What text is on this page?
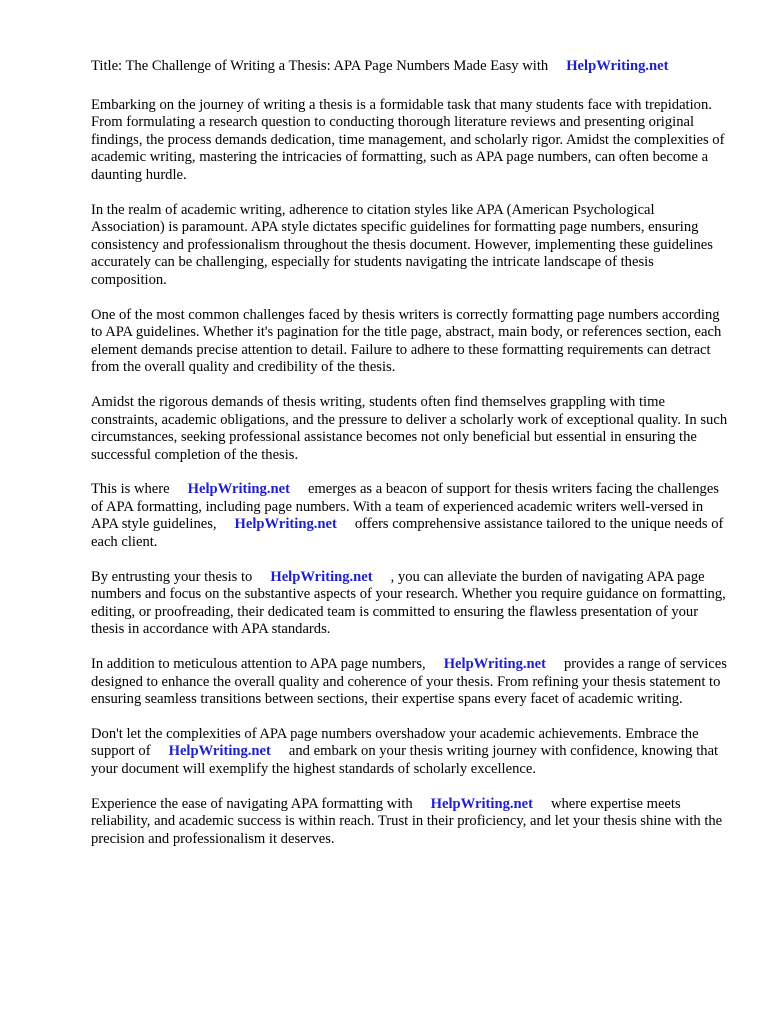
Title: The Challenge of Writing a Thesis: APA Page Numbers Made Easy with HelpWriting.net

Embarking on the journey of writing a thesis is a formidable task that many students face with trepidation. From formulating a research question to conducting thorough literature reviews and presenting original findings, the process demands dedication, time management, and scholarly rigor. Amidst the complexities of academic writing, mastering the intricacies of formatting, such as APA page numbers, can often become a daunting hurdle.

In the realm of academic writing, adherence to citation styles like APA (American Psychological Association) is paramount. APA style dictates specific guidelines for formatting page numbers, ensuring consistency and professionalism throughout the thesis document. However, implementing these guidelines accurately can be challenging, especially for students navigating the intricate landscape of thesis composition.

One of the most common challenges faced by thesis writers is correctly formatting page numbers according to APA guidelines. Whether it's pagination for the title page, abstract, main body, or references section, each element demands precise attention to detail. Failure to adhere to these formatting requirements can detract from the overall quality and credibility of the thesis.

Amidst the rigorous demands of thesis writing, students often find themselves grappling with time constraints, academic obligations, and the pressure to deliver a scholarly work of exceptional quality. In such circumstances, seeking professional assistance becomes not only beneficial but essential in ensuring the successful completion of the thesis.

This is where HelpWriting.net emerges as a beacon of support for thesis writers facing the challenges of APA formatting, including page numbers. With a team of experienced academic writers well-versed in APA style guidelines, HelpWriting.net offers comprehensive assistance tailored to the unique needs of each client.

By entrusting your thesis to HelpWriting.net , you can alleviate the burden of navigating APA page numbers and focus on the substantive aspects of your research. Whether you require guidance on formatting, editing, or proofreading, their dedicated team is committed to ensuring the flawless presentation of your thesis in accordance with APA standards.

In addition to meticulous attention to APA page numbers, HelpWriting.net provides a range of services designed to enhance the overall quality and coherence of your thesis. From refining your thesis statement to ensuring seamless transitions between sections, their expertise spans every facet of academic writing.

Don't let the complexities of APA page numbers overshadow your academic achievements. Embrace the support of HelpWriting.net and embark on your thesis writing journey with confidence, knowing that your document will exemplify the highest standards of scholarly excellence.

Experience the ease of navigating APA formatting with HelpWriting.net where expertise meets reliability, and academic success is within reach. Trust in their proficiency, and let your thesis shine with the precision and professionalism it deserves.
